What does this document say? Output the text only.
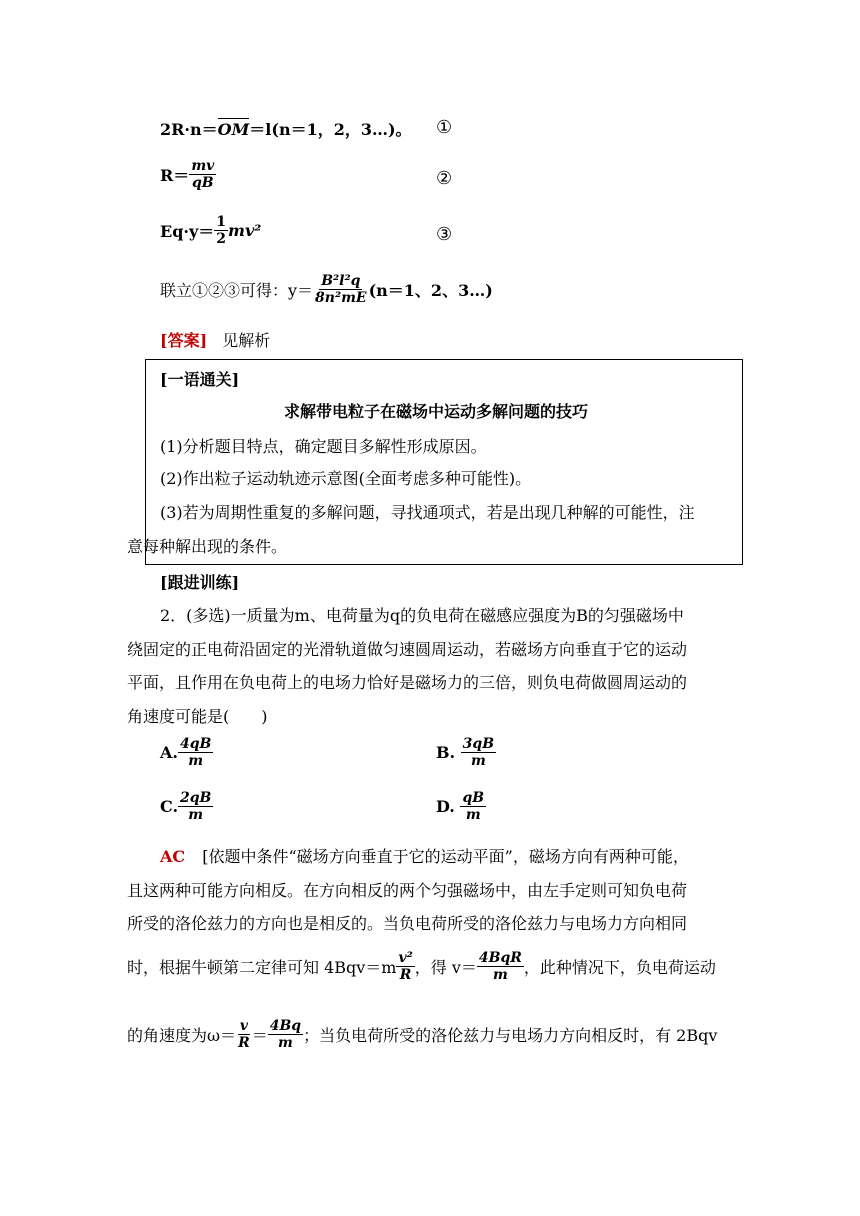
2R·n＝OM＝l(n＝1，2，3…)。 ①
$R= \frac{mv}{qB}$	②
$Eq\cdot y= \frac{1}{2} mv^2$	③
联立①②③可得：$y= \frac{\text{B²l²q}}{\text{8n²mE}} (n=1$、2、3…)
[答案] 见解析
[一语通关]
求解带电粒子在磁场中运动多解问题的技巧
(1)分析题目特点，确定题目多解性形成原因。
(2)作出粒子运动轨迹示意图(全面考虑多种可能性)。
(3)若为周期性重复的多解问题，寻找通项式，若是出现几种解的可能性，注
意每种解出现的条件。
[跟进训练]
2．(多选)一质量为m、电荷量为q的负电荷在磁感应强度为B的匀强磁场中
绕固定的正电荷沿固定的光滑轨道做匀速圆周运动，若磁场方向垂直于它的运动
平面，且作用在负电荷上的电场力恰好是磁场力的三倍，则负电荷做圆周运动的
角速度可能是(　　)
A. $\frac{4qB}{m}$	B. $\frac{3qB}{m}$
C. $\frac{2qB}{m}$	D. $\frac{qB}{m}$
AC [依题中条件“磁场方向垂直于它的运动平面”，磁场方向有两种可能，
且这两种可能方向相反。在方向相反的两个匀强磁场中，由左手定则可知负电荷
所受的洛伦兹力的方向也是相反的。当负电荷所受的洛伦兹力与电场力方向相同
时，根据牛顿第二定律可知 $4Bqv=m \frac{\text{v²}}{R}$ ，得 $v= \frac{\text{4BqR}}{m}$ ，此种情况下，负电荷运动
的角速度为$\omega= \frac{v}{R} = \frac{4Bq}{m}$ ；当负电荷所受的洛伦兹力与电场力方向相反时，有 2Bqv
